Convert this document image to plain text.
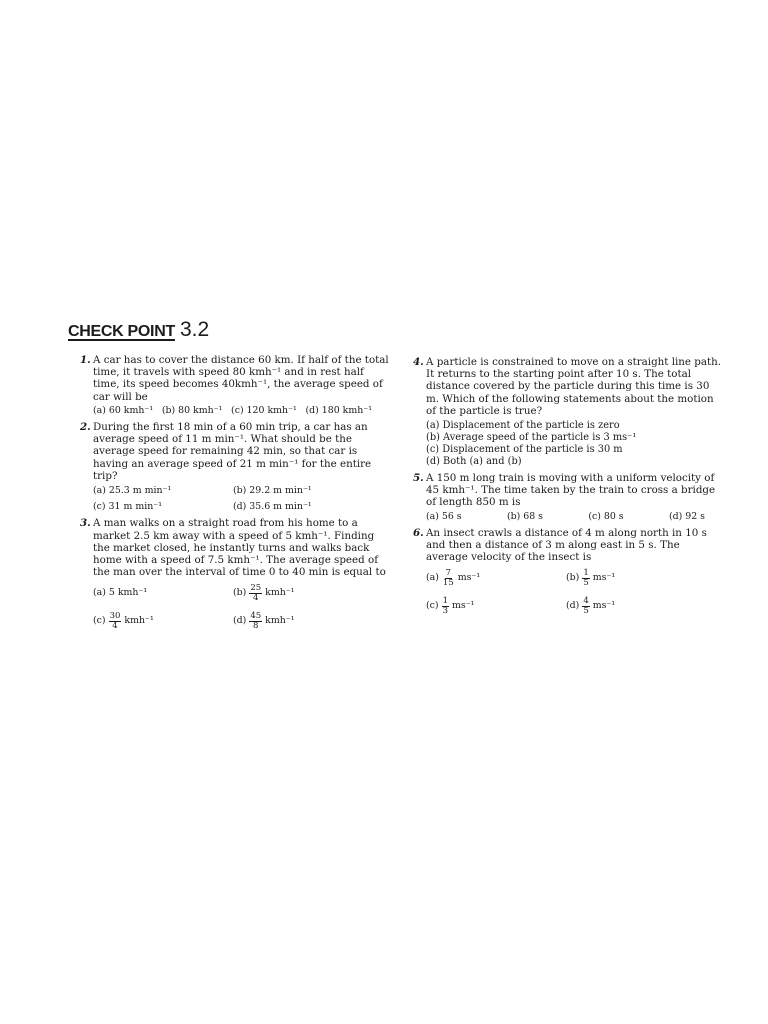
CHECK POINT 3.2
1. A car has to cover the distance 60 km. If half of the total time, it travels with speed 80 kmh⁻¹ and in rest half time, its speed becomes 40kmh⁻¹, the average speed of car will be
(a) 60 kmh⁻¹ (b) 80 kmh⁻¹ (c) 120 kmh⁻¹ (d) 180 kmh⁻¹
2. During the first 18 min of a 60 min trip, a car has an average speed of 11 m min⁻¹. What should be the average speed for remaining 42 min, so that car is having an average speed of 21 m min⁻¹ for the entire trip?
(a) 25.3 m min⁻¹	(b) 29.2 m min⁻¹
(c) 31 m min⁻¹	(d) 35.6 m min⁻¹
3. A man walks on a straight road from his home to a market 2.5 km away with a speed of 5 kmh⁻¹. Finding the market closed, he instantly turns and walks back home with a speed of 7.5 kmh⁻¹. The average speed of the man over the interval of time 0 to 40 min is equal to
(a) 5 kmh⁻¹	$(b) \frac{25}{4} kmh^{-1}$
$(c) \frac{30}{4} kmh^{-1}$	$(d) \frac{45}{8} kmh^{-1}$
4. A particle is constrained to move on a straight line path. It returns to the starting point after 10 s. The total distance covered by the particle during this time is 30 m. Which of the following statements about the motion of the particle is true?
(a) Displacement of the particle is zero
(b) Average speed of the particle is 3 ms⁻¹
(c) Displacement of the particle is 30 m
(d) Both (a) and (b)
5. A 150 m long train is moving with a uniform velocity of 45 kmh⁻¹. The time taken by the train to cross a bridge of length 850 m is
(a) 56 s	(b) 68 s	(c) 80 s	(d) 92 s
6. An insect crawls a distance of 4 m along north in 10 s and then a distance of 3 m along east in 5 s. The average velocity of the insect is
$(a) \frac{7}{15} ms^{-1}$	$(b) \frac{1}{5} ms^{-1}$
$(c) \frac{1}{3} ms^{-1}$	$(d) \frac{4}{5} ms^{-1}$
